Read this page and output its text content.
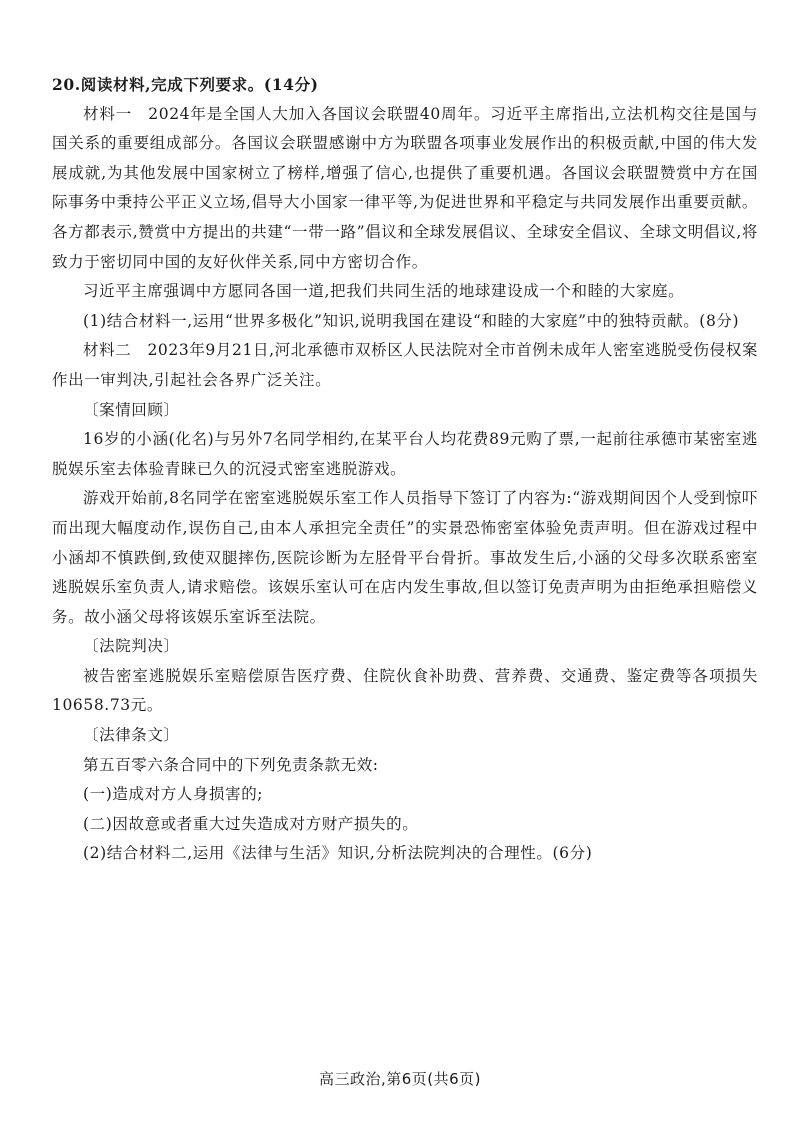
20.阅读材料,完成下列要求。(14分)

材料一  2024年是全国人大加入各国议会联盟40周年。习近平主席指出,立法机构交往是国与国关系的重要组成部分。各国议会联盟感谢中方为联盟各项事业发展作出的积极贡献,中国的伟大发展成就,为其他发展中国家树立了榜样,增强了信心,也提供了重要机遇。各国议会联盟赞赏中方在国际事务中秉持公平正义立场,倡导大小国家一律平等,为促进世界和平稳定与共同发展作出重要贡献。各方都表示,赞赏中方提出的共建“一带一路”倡议和全球发展倡议、全球安全倡议、全球文明倡议,将致力于密切同中国的友好伙伴关系,同中方密切合作。

习近平主席强调中方愿同各国一道,把我们共同生活的地球建设成一个和睦的大家庭。

(1)结合材料一,运用“世界多极化”知识,说明我国在建设“和睦的大家庭”中的独特贡献。(8分)

材料二  2023年9月21日,河北承德市双桥区人民法院对全市首例未成年人密室逃脱受伤侵权案作出一审判决,引起社会各界广泛关注。

〔案情回顾〕

16岁的小涵(化名)与另外7名同学相约,在某平台人均花费89元购了票,一起前往承德市某密室逃脱娱乐室去体验青睐已久的沉浸式密室逃脱游戏。

游戏开始前,8名同学在密室逃脱娱乐室工作人员指导下签订了内容为:“游戏期间因个人受到惊吓而出现大幅度动作,误伤自己,由本人承担完全责任”的实景恐怖密室体验免责声明。但在游戏过程中小涵却不慎跌倒,致使双腿摔伤,医院诊断为左胫骨平台骨折。事故发生后,小涵的父母多次联系密室逃脱娱乐室负责人,请求赔偿。该娱乐室认可在店内发生事故,但以签订免责声明为由拒绝承担赔偿义务。故小涵父母将该娱乐室诉至法院。

〔法院判决〕

被告密室逃脱娱乐室赔偿原告医疗费、住院伙食补助费、营养费、交通费、鉴定费等各项损失10658.73元。

〔法律条文〕

第五百零六条合同中的下列免责条款无效:

(一)造成对方人身损害的;

(二)因故意或者重大过失造成对方财产损失的。

(2)结合材料二,运用《法律与生活》知识,分析法院判决的合理性。(6分)

高三政治,第6页(共6页)
